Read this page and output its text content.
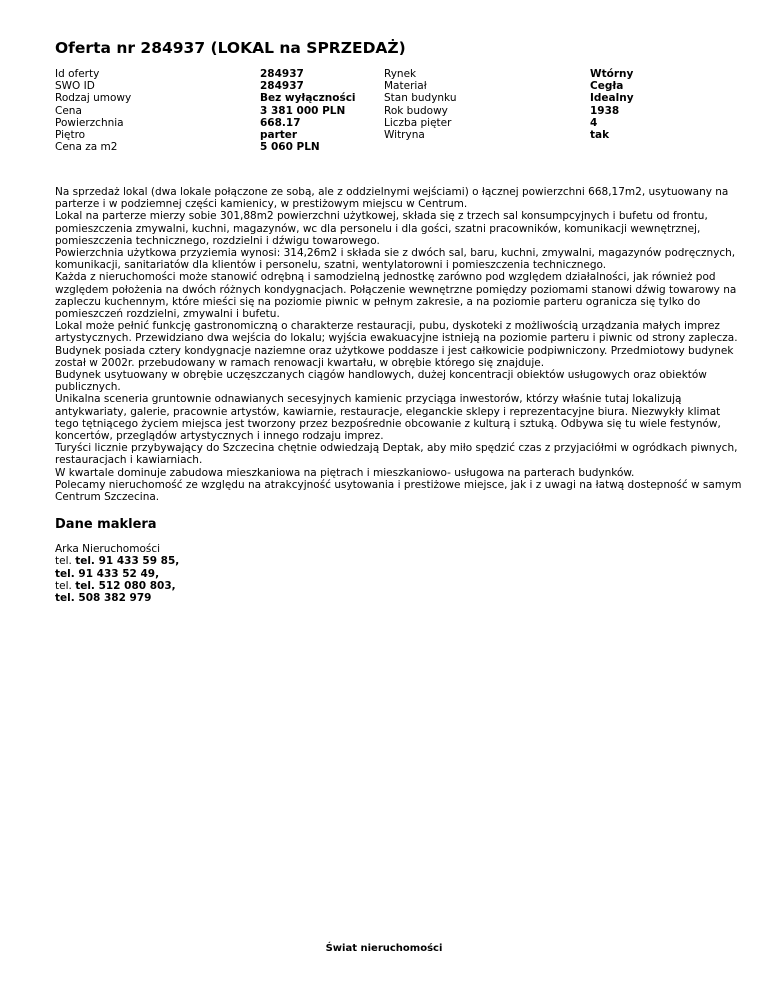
Oferta nr 284937 (LOKAL na SPRZEDAŻ)
Id oferty
SWO ID
Rodzaj umowy
Cena
Powierzchnia
Piętro
Cena za m2
284937
284937
Bez wyłączności
3 381 000 PLN
668.17
parter
5 060 PLN
Rynek
Materiał
Stan budynku
Rok budowy
Liczba pięter
Witryna
Wtórny
Cegła
Idealny
1938
4
tak

Na sprzedaż lokal (dwa lokale połączone ze sobą, ale z oddzielnymi wejściami) o łącznej powierzchni 668,17m2, usytuowany na parterze i w podziemnej części kamienicy, w prestiżowym miejscu w Centrum.

Lokal na parterze mierzy sobie 301,88m2 powierzchni użytkowej, składa się z trzech sal konsumpcyjnych i bufetu od frontu, pomieszczenia zmywalni, kuchni, magazynów, wc dla personelu i dla gości, szatni pracowników, komunikacji wewnętrznej, pomieszczenia technicznego, rozdzielni i dźwigu towarowego.

Powierzchnia użytkowa przyziemia wynosi: 314,26m2 i składa sie z dwóch sal, baru, kuchni, zmywalni, magazynów podręcznych, komunikacji, sanitariatów dla klientów i personelu, szatni, wentylatorowni i pomieszczenia technicznego.

Każda z nieruchomości może stanowić odrębną i samodzielną jednostkę zarówno pod względem działalności, jak również pod względem położenia na dwóch różnych kondygnacjach. Połączenie wewnętrzne pomiędzy poziomami stanowi dźwig towarowy na zapleczu kuchennym, które mieści się na poziomie piwnic w pełnym zakresie, a na poziomie parteru ogranicza się tylko do pomieszczeń rozdzielni, zmywalni i bufetu.

Lokal może pełnić funkcję gastronomiczną o charakterze restauracji, pubu, dyskoteki z możliwością urządzania małych imprez artystycznych. Przewidziano dwa wejścia do lokalu; wyjścia ewakuacyjne istnieją na poziomie parteru i piwnic od strony zaplecza.

Budynek posiada cztery kondygnacje naziemne oraz użytkowe poddasze i jest całkowicie podpiwniczony. Przedmiotowy budynek został w 2002r. przebudowany w ramach renowacji kwartału, w obrębie którego się znajduje.

Budynek usytuowany w obrębie uczęszczanych ciągów handlowych, dużej koncentracji obiektów usługowych oraz obiektów publicznych.

Unikalna sceneria gruntownie odnawianych secesyjnych kamienic przyciąga inwestorów, którzy właśnie tutaj lokalizują antykwariaty, galerie, pracownie artystów, kawiarnie, restauracje, eleganckie sklepy i reprezentacyjne biura. Niezwykły klimat tego tętniącego życiem miejsca jest tworzony przez bezpośrednie obcowanie z kulturą i sztuką. Odbywa się tu wiele festynów, koncertów, przeglądów artystycznych i innego rodzaju imprez.

Turyści licznie przybywający do Szczecina chętnie odwiedzają Deptak, aby miło spędzić czas z przyjaciółmi w ogródkach piwnych, restauracjach i kawiarniach.

W kwartale dominuje zabudowa mieszkaniowa na piętrach i mieszkaniowo- usługowa na parterach budynków.

Polecamy nieruchomość ze względu na atrakcyjność usytowania i prestiżowe miejsce, jak i z uwagi na łatwą dostepność w samym Centrum Szczecina.

Dane maklera
Arka Nieruchomości
tel. tel. 91 433 59 85,
tel. 91 433 52 49,
tel. tel. 512 080 803,
tel. 508 382 979
Świat nieruchomości
